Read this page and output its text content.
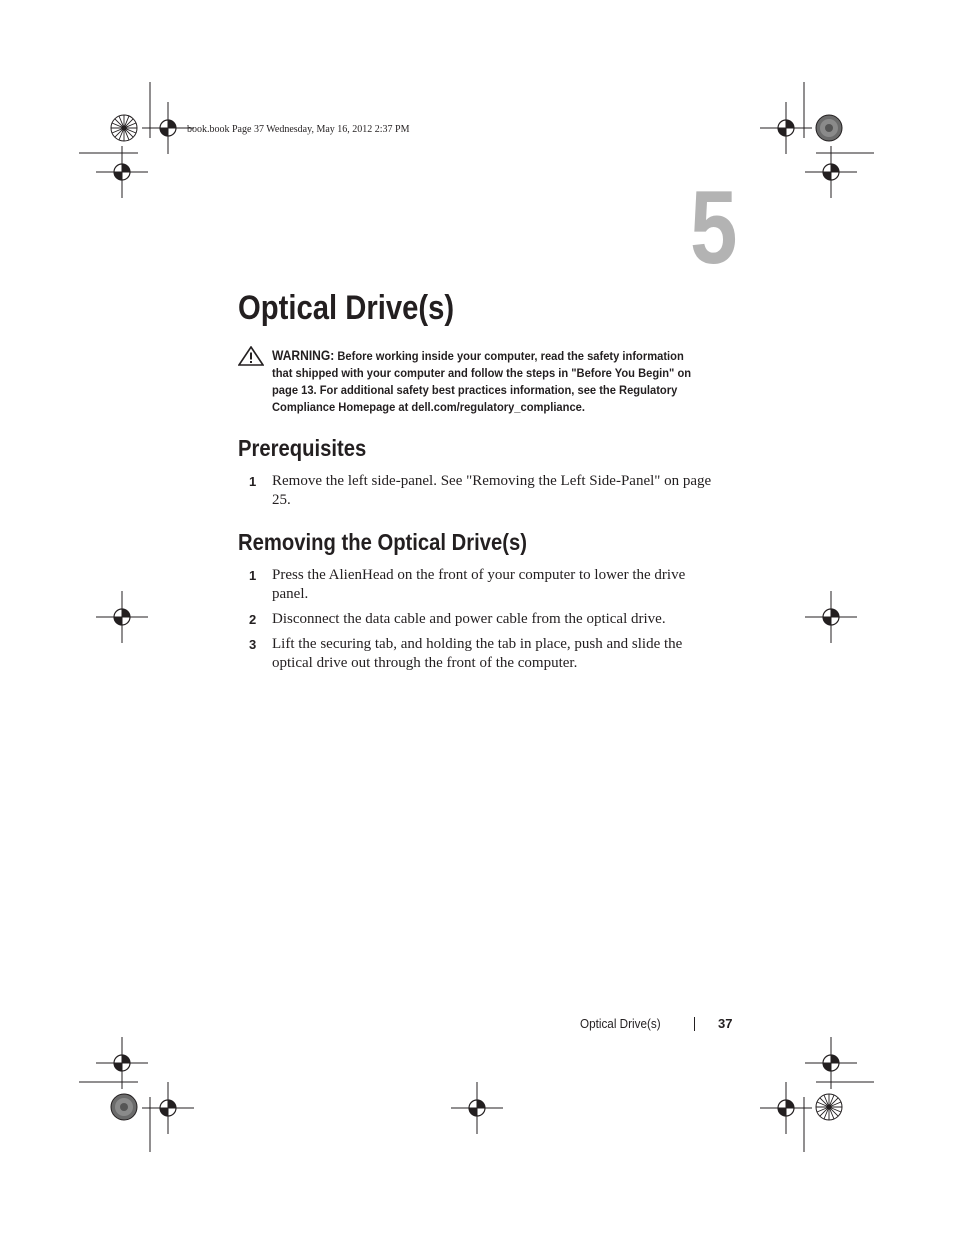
book.book Page 37 Wednesday, May 16, 2012 2:37 PM
5
Optical Drive(s)
WARNING: Before working inside your computer, read the safety information that shipped with your computer and follow the steps in "Before You Begin" on page 13. For additional safety best practices information, see the Regulatory Compliance Homepage at dell.com/regulatory_compliance.
Prerequisites
1 Remove the left side-panel. See "Removing the Left Side-Panel" on page 25.
Removing the Optical Drive(s)
1 Press the AlienHead on the front of your computer to lower the drive panel.
2 Disconnect the data cable and power cable from the optical drive.
3 Lift the securing tab, and holding the tab in place, push and slide the optical drive out through the front of the computer.
Optical Drive(s)	37
